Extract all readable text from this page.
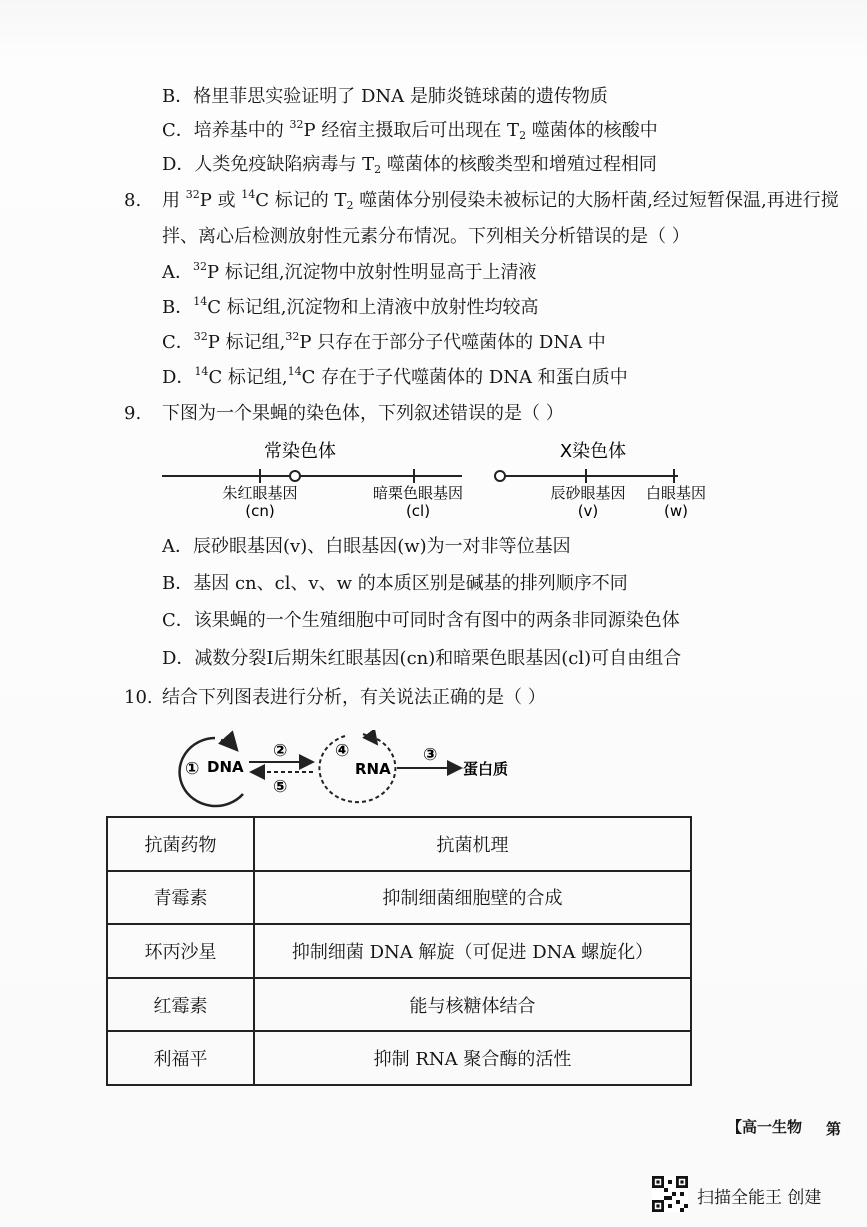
B．格里菲思实验证明了 DNA 是肺炎链球菌的遗传物质
C．培养基中的 $^{32}$P 经宿主摄取后可出现在 $T_2$ 噬菌体的核酸中
D．人类免疫缺陷病毒与 $T_2$ 噬菌体的核酸类型和增殖过程相同
8. 用 $^{32}$P 或 $^{14}$C 标记的 $T_2$ 噬菌体分别侵染未被标记的大肠杆菌,经过短暂保温,再进行搅
拌、离心后检测放射性元素分布情况。下列相关分析错误的是（ ）
A．$^{32}$P 标记组,沉淀物中放射性明显高于上清液
B．$^{14}$C 标记组,沉淀物和上清液中放射性均较高
C．$^{32}$P 标记组,$^{32}$P 只存在于部分子代噬菌体的 DNA 中
D．$^{14}$C 标记组,$^{14}$C 存在于子代噬菌体的 DNA 和蛋白质中
9. 下图为一个果蝇的染色体，下列叙述错误的是（ ）
常染色体	X染色体
朱红眼基因
(cn)
暗栗色眼基因
(cl)
辰砂眼基因
(v)
白眼基因
(w)
A．辰砂眼基因(v)、白眼基因(w)为一对非等位基因
B．基因 cn、cl、v、w 的本质区别是碱基的排列顺序不同
C．该果蝇的一个生殖细胞中可同时含有图中的两条非同源染色体
D．减数分裂Ⅰ后期朱红眼基因(cn)和暗栗色眼基因(cl)可自由组合
10. 结合下列图表进行分析，有关说法正确的是（ ）
① DNA
②
⑤
④
RNA
③
蛋白质
抗菌药物	抗菌机理
青霉素	抑制细菌细胞壁的合成
环丙沙星	抑制细菌 DNA 解旋（可促进 DNA 螺旋化）
红霉素	能与核糖体结合
利福平	抑制 RNA 聚合酶的活性
【高一生物 第
扫描全能王 创建
